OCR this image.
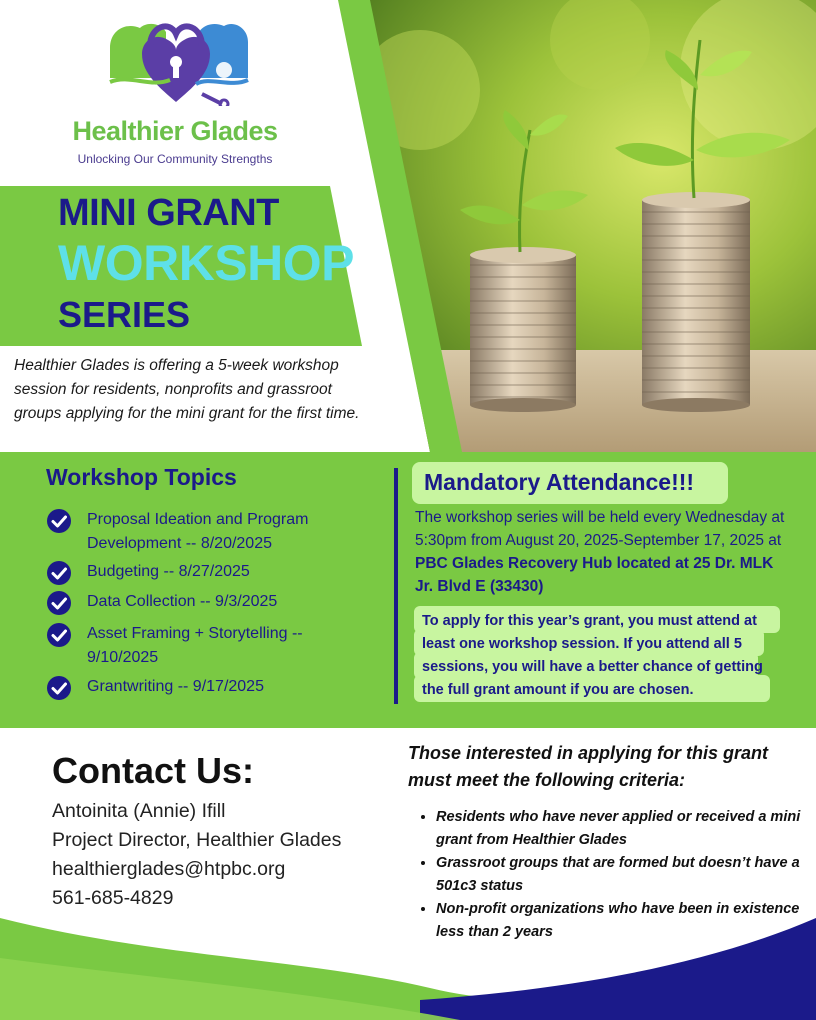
Healthier Glades
Unlocking Our Community Strengths
MINI GRANT
WORKSHOP
SERIES
Healthier Glades is offering a 5-week workshop session for residents, nonprofits and grassroot groups applying for the mini grant for the first time.
Workshop Topics
Proposal Ideation and Program Development -- 8/20/2025
Budgeting -- 8/27/2025
Data Collection -- 9/3/2025
Asset Framing + Storytelling -- 9/10/2025
Grantwriting -- 9/17/2025
Mandatory Attendance!!!
The workshop series will be held every Wednesday at 5:30pm from August 20, 2025-September 17, 2025 at PBC Glades Recovery Hub located at 25 Dr. MLK Jr. Blvd E (33430)
To apply for this year’s grant, you must attend at least one workshop session. If you attend all 5 sessions, you will have a better chance of getting the full grant amount if you are chosen.
Contact Us:
Antoinita (Annie) Ifill
Project Director, Healthier Glades
healthierglades@htpbc.org
561-685-4829
Those interested in applying for this grant must meet the following criteria:
• Residents who have never applied or received a mini grant from Healthier Glades
• Grassroot groups that are formed but doesn’t have a 501c3 status
• Non-profit organizations who have been in existence less than 2 years
